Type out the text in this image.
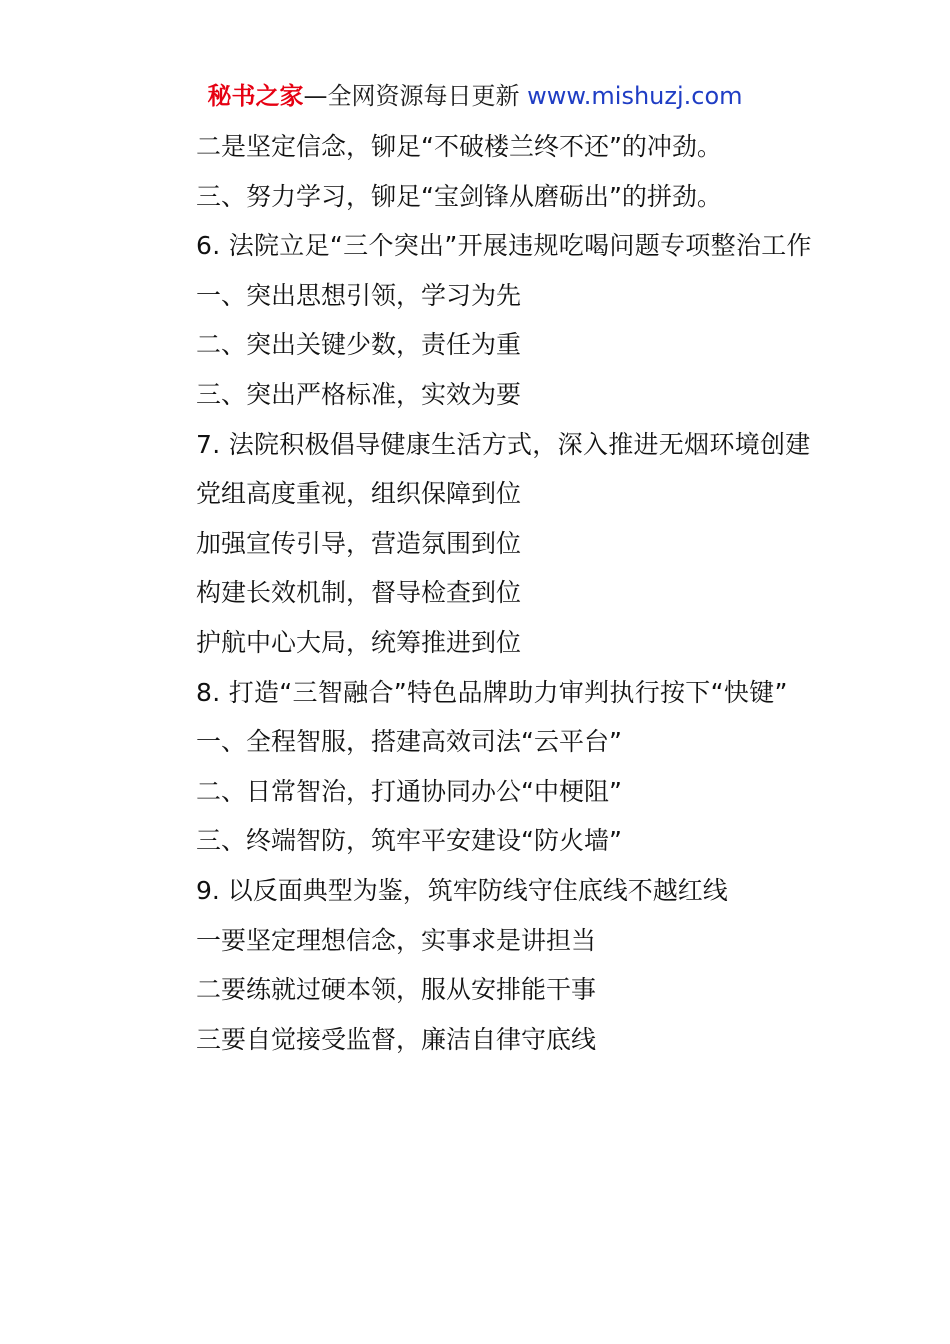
秘书之家—全网资源每日更新 www.mishuzj.com

二是坚定信念，铆足“不破楼兰终不还”的冲劲。

三、努力学习，铆足“宝剑锋从磨砺出”的拼劲。

6. 法院立足“三个突出”开展违规吃喝问题专项整治工作

一、突出思想引领，学习为先

二、突出关键少数，责任为重

三、突出严格标准，实效为要

7. 法院积极倡导健康生活方式，深入推进无烟环境创建

党组高度重视，组织保障到位

加强宣传引导，营造氛围到位

构建长效机制，督导检查到位

护航中心大局，统筹推进到位

8. 打造“三智融合”特色品牌助力审判执行按下“快键”

一、全程智服，搭建高效司法“云平台”

二、日常智治，打通协同办公“中梗阻”

三、终端智防，筑牢平安建设“防火墙”

9. 以反面典型为鉴，筑牢防线守住底线不越红线

一要坚定理想信念，实事求是讲担当

二要练就过硬本领，服从安排能干事

三要自觉接受监督，廉洁自律守底线
